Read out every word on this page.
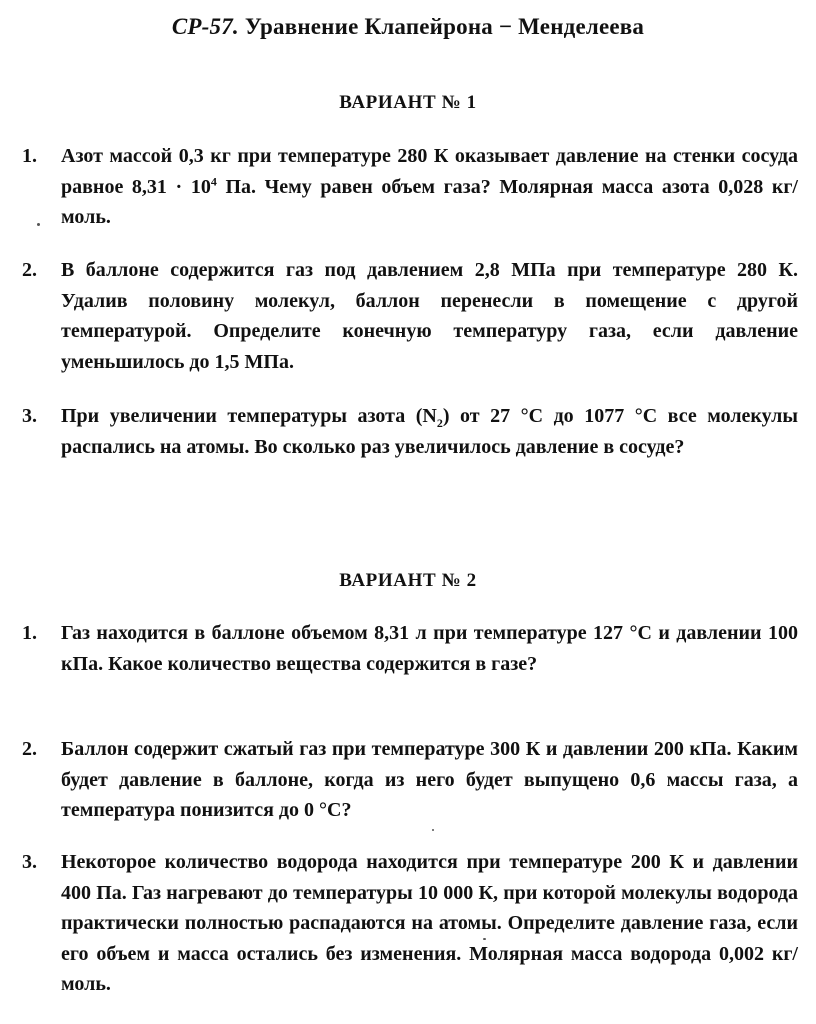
СР-57. Уравнение Клапейрона − Менделеева
ВАРИАНТ № 1
1. Азот массой 0,3 кг при температуре 280 К оказывает давление на стенки сосуда равное $8,31 \cdot 10^4$ Па. Чему равен объем газа? Молярная масса азота 0,028 кг/моль.
2. В баллоне содержится газ под давлением 2,8 МПа при температуре 280 К. Удалив половину молекул, баллон перенесли в помещение с другой температурой. Определите конечную температуру газа, если давление уменьшилось до 1,5 МПа.
3. При увеличении температуры азота $(N_2)$ от 27 °С до 1077 °С все молекулы распались на атомы. Во сколько раз увеличилось давление в сосуде?
ВАРИАНТ № 2
1. Газ находится в баллоне объемом 8,31 л при температуре 127 °С и давлении 100 кПа. Какое количество вещества содержится в газе?
2. Баллон содержит сжатый газ при температуре 300 К и давлении 200 кПа. Каким будет давление в баллоне, когда из него будет выпущено 0,6 массы газа, а температура понизится до 0 °С?
3. Некоторое количество водорода находится при температуре 200 К и давлении 400 Па. Газ нагревают до температуры 10 000 К, при которой молекулы водорода практически полностью распадаются на атомы. Определите давление газа, если его объем и масса остались без изменения. Молярная масса водорода 0,002 кг/моль.
